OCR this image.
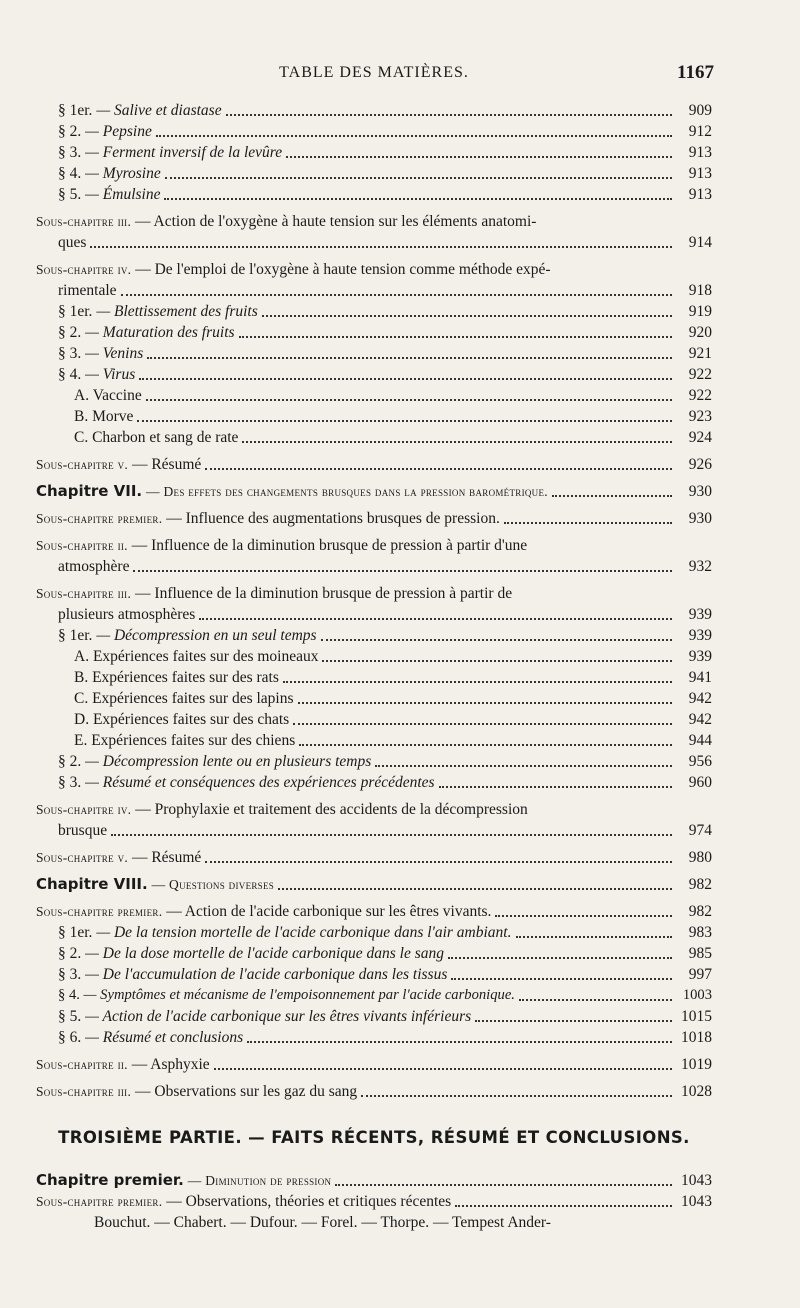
TABLE DES MATIÈRES.	1167
§ 1er. — Salive et diastase	909
§ 2. — Pepsine	912
§ 3. — Ferment inversif de la levûre	913
§ 4. — Myrosine	913
§ 5. — Émulsine	913
Sous-chapitre iii. — Action de l'oxygène à haute tension sur les éléments anatomi-
ques	914
Sous-chapitre iv. — De l'emploi de l'oxygène à haute tension comme méthode expé-
rimentale	918
§ 1er. — Blettissement des fruits	919
§ 2. — Maturation des fruits	920
§ 3. — Venins	921
§ 4. — Virus	922
A. Vaccine	922
B. Morve	923
C. Charbon et sang de rate	924
Sous-chapitre v. — Résumé	926
Chapitre VII. — Des effets des changements brusques dans la pression barométrique.	930
Sous-chapitre premier. — Influence des augmentations brusques de pression.	930
Sous-chapitre ii. — Influence de la diminution brusque de pression à partir d'une
atmosphère	932
Sous-chapitre iii. — Influence de la diminution brusque de pression à partir de
plusieurs atmosphères	939
§ 1er. — Décompression en un seul temps	939
A. Expériences faites sur des moineaux	939
B. Expériences faites sur des rats	941
C. Expériences faites sur des lapins	942
D. Expériences faites sur des chats	942
E. Expériences faites sur des chiens	944
§ 2. — Décompression lente ou en plusieurs temps	956
§ 3. — Résumé et conséquences des expériences précédentes	960
Sous-chapitre iv. — Prophylaxie et traitement des accidents de la décompression
brusque	974
Sous-chapitre v. — Résumé	980
Chapitre VIII. — Questions diverses	982
Sous-chapitre premier. — Action de l'acide carbonique sur les êtres vivants.	982
§ 1er. — De la tension mortelle de l'acide carbonique dans l'air ambiant.	983
§ 2. — De la dose mortelle de l'acide carbonique dans le sang	985
§ 3. — De l'accumulation de l'acide carbonique dans les tissus	997
§ 4. — Symptômes et mécanisme de l'empoisonnement par l'acide carbonique.	1003
§ 5. — Action de l'acide carbonique sur les êtres vivants inférieurs	1015
§ 6. — Résumé et conclusions	1018
Sous-chapitre ii. — Asphyxie	1019
Sous-chapitre iii. — Observations sur les gaz du sang	1028
TROISIÈME PARTIE. — FAITS RÉCENTS, RÉSUMÉ ET CONCLUSIONS.
Chapitre premier. — Diminution de pression	1043
Sous-chapitre premier. — Observations, théories et critiques récentes	1043
Bouchut. — Chabert. — Dufour. — Forel. — Thorpe. — Tempest Ander-
